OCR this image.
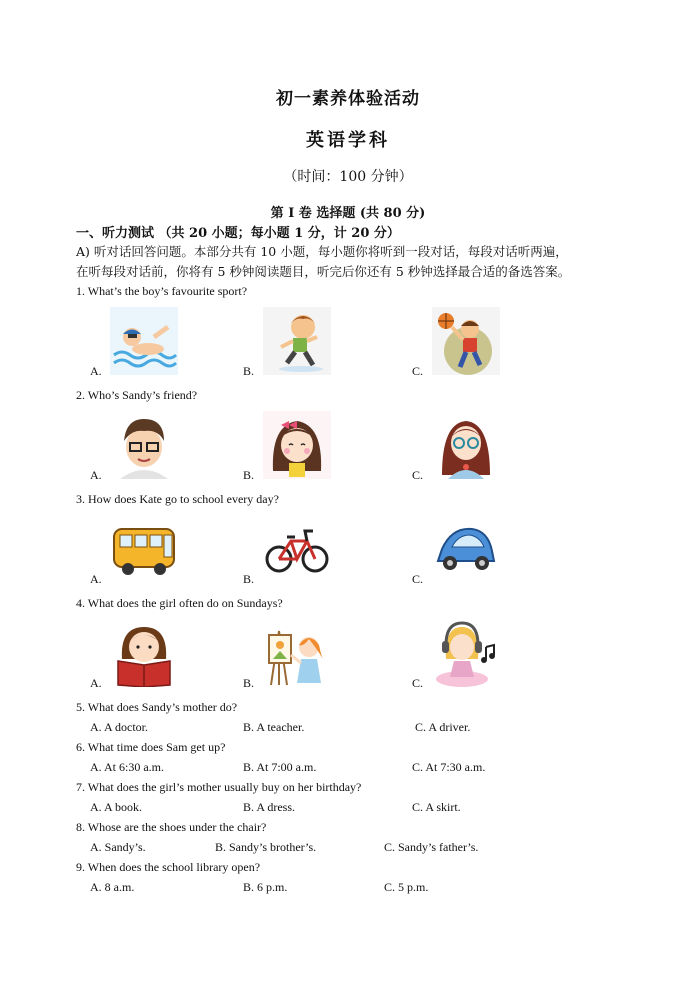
初一素养体验活动
英语学科
（时间：100 分钟）
第 I 卷 选择题 (共 80 分)
一、听力测试 （共 20 小题；每小题 1 分，计 20 分）
A) 听对话回答问题。本部分共有 10 小题，每小题你将听到一段对话，每段对话听两遍，
在听每段对话前，你将有 5 秒钟阅读题目，听完后你还有 5 秒钟选择最合适的备选答案。
1. What’s the boy’s favourite sport?
A.	B.	C.
2. Who’s Sandy’s friend?
A.	B.	C.
3. How does Kate go to school every day?
A.	B.	C.
4. What does the girl often do on Sundays?
A.	B.	C.
5. What does Sandy’s mother do?
A. A doctor.	B. A teacher.	C. A driver.
6. What time does Sam get up?
A. At 6:30 a.m.	B. At 7:00 a.m.	C. At 7:30 a.m.
7. What does the girl’s mother usually buy on her birthday?
A. A book.	B. A dress.	C. A skirt.
8. Whose are the shoes under the chair?
A. Sandy’s.	B. Sandy’s brother’s.	C. Sandy’s father’s.
9. When does the school library open?
A. 8 a.m.	B. 6 p.m.	C. 5 p.m.
